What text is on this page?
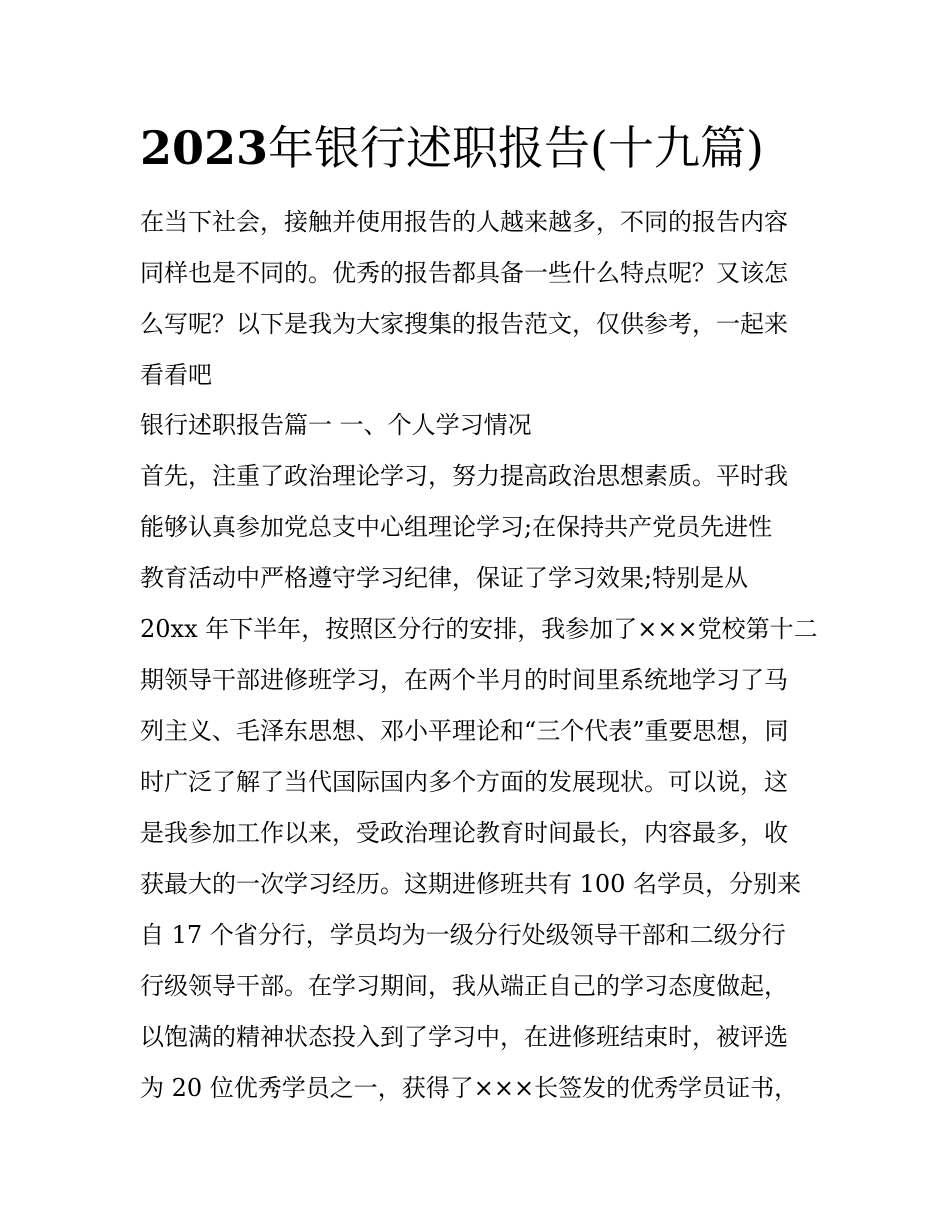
2023年银行述职报告(十九篇)
在当下社会，接触并使用报告的人越来越多，不同的报告内容
同样也是不同的。优秀的报告都具备一些什么特点呢？又该怎
么写呢？以下是我为大家搜集的报告范文，仅供参考，一起来
看看吧
银行述职报告篇一 一、个人学习情况
首先，注重了政治理论学习，努力提高政治思想素质。平时我
能够认真参加党总支中心组理论学习;在保持共产党员先进性
教育活动中严格遵守学习纪律，保证了学习效果;特别是从
20xx 年下半年，按照区分行的安排，我参加了×××党校第十二
期领导干部进修班学习，在两个半月的时间里系统地学习了马
列主义、毛泽东思想、邓小平理论和“三个代表”重要思想，同
时广泛了解了当代国际国内多个方面的发展现状。可以说，这
是我参加工作以来，受政治理论教育时间最长，内容最多，收
获最大的一次学习经历。这期进修班共有 100 名学员，分别来
自 17 个省分行，学员均为一级分行处级领导干部和二级分行
行级领导干部。在学习期间，我从端正自己的学习态度做起，
以饱满的精神状态投入到了学习中，在进修班结束时，被评选
为 20 位优秀学员之一，获得了×××长签发的优秀学员证书，
